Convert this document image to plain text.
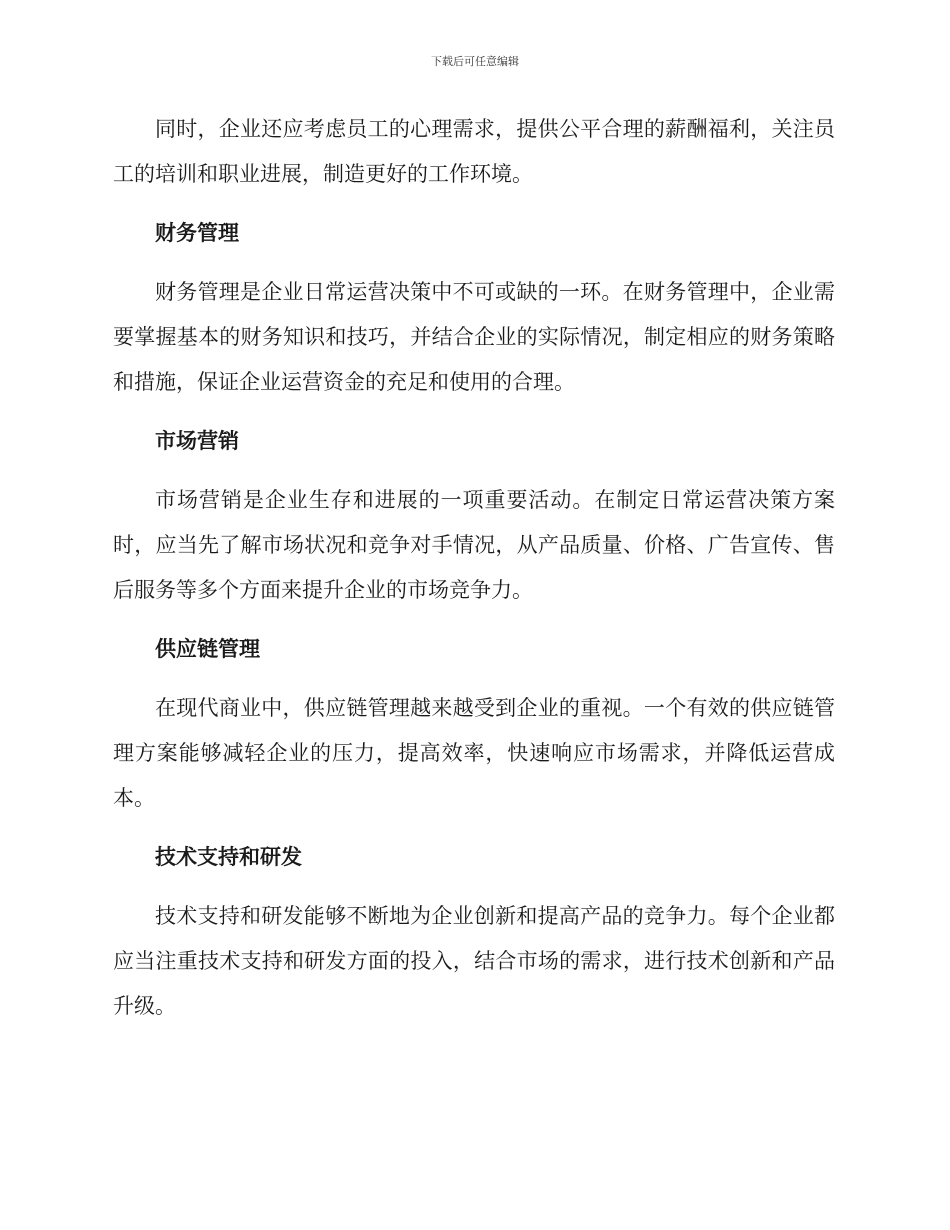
下载后可任意编辑

同时，企业还应考虑员工的心理需求，提供公平合理的薪酬福利，关注员工的培训和职业进展，制造更好的工作环境。

财务管理

财务管理是企业日常运营决策中不可或缺的一环。在财务管理中，企业需要掌握基本的财务知识和技巧，并结合企业的实际情况，制定相应的财务策略和措施，保证企业运营资金的充足和使用的合理。

市场营销

市场营销是企业生存和进展的一项重要活动。在制定日常运营决策方案时，应当先了解市场状况和竞争对手情况，从产品质量、价格、广告宣传、售后服务等多个方面来提升企业的市场竞争力。

供应链管理

在现代商业中，供应链管理越来越受到企业的重视。一个有效的供应链管理方案能够减轻企业的压力，提高效率，快速响应市场需求，并降低运营成本。

技术支持和研发

技术支持和研发能够不断地为企业创新和提高产品的竞争力。每个企业都应当注重技术支持和研发方面的投入，结合市场的需求，进行技术创新和产品升级。
